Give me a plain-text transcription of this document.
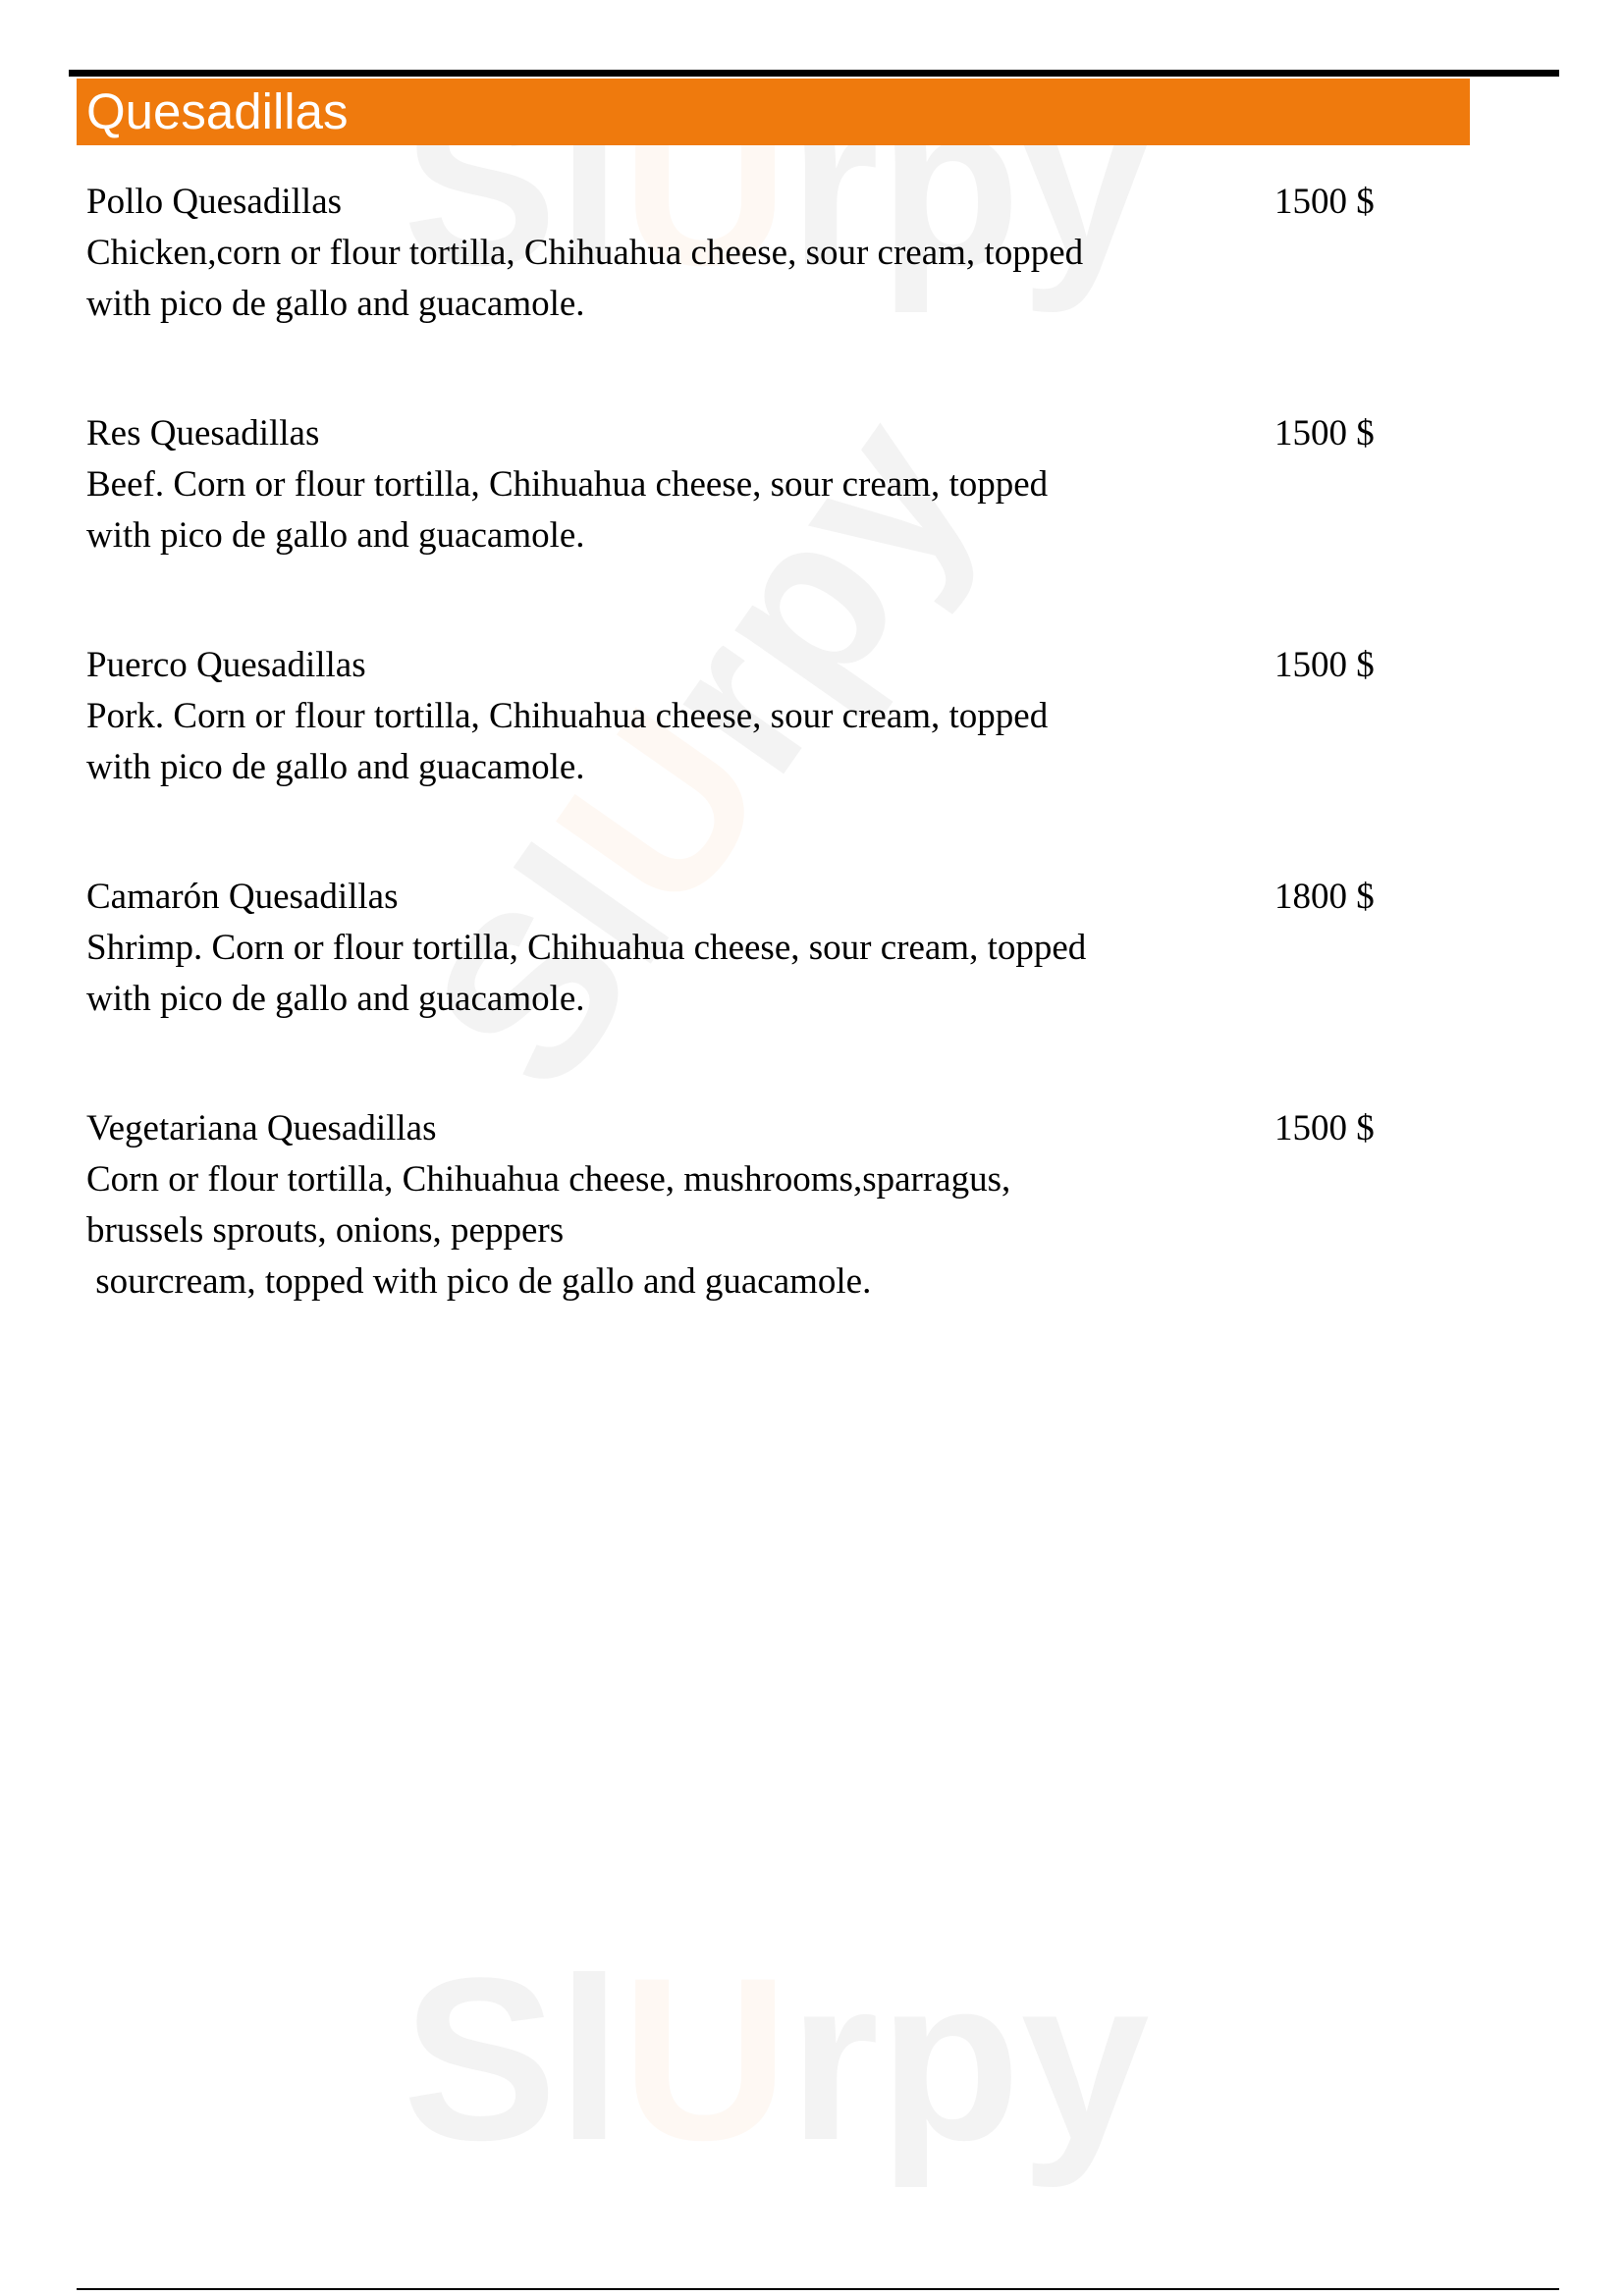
Quesadillas
Pollo Quesadillas
Chicken,corn or flour tortilla, Chihuahua cheese, sour cream, topped
with pico de gallo and guacamole.
1500 $
Res Quesadillas
Beef. Corn or flour tortilla, Chihuahua cheese, sour cream, topped
with pico de gallo and guacamole.
1500 $
Puerco Quesadillas
Pork. Corn or flour tortilla, Chihuahua cheese, sour cream, topped
with pico de gallo and guacamole.
1500 $
Camarón Quesadillas
Shrimp. Corn or flour tortilla, Chihuahua cheese, sour cream, topped
with pico de gallo and guacamole.
1800 $
Vegetariana Quesadillas
Corn or flour tortilla, Chihuahua cheese, mushrooms,sparragus,
brussels sprouts, onions, peppers
sourcream, topped with pico de gallo and guacamole.
1500 $
